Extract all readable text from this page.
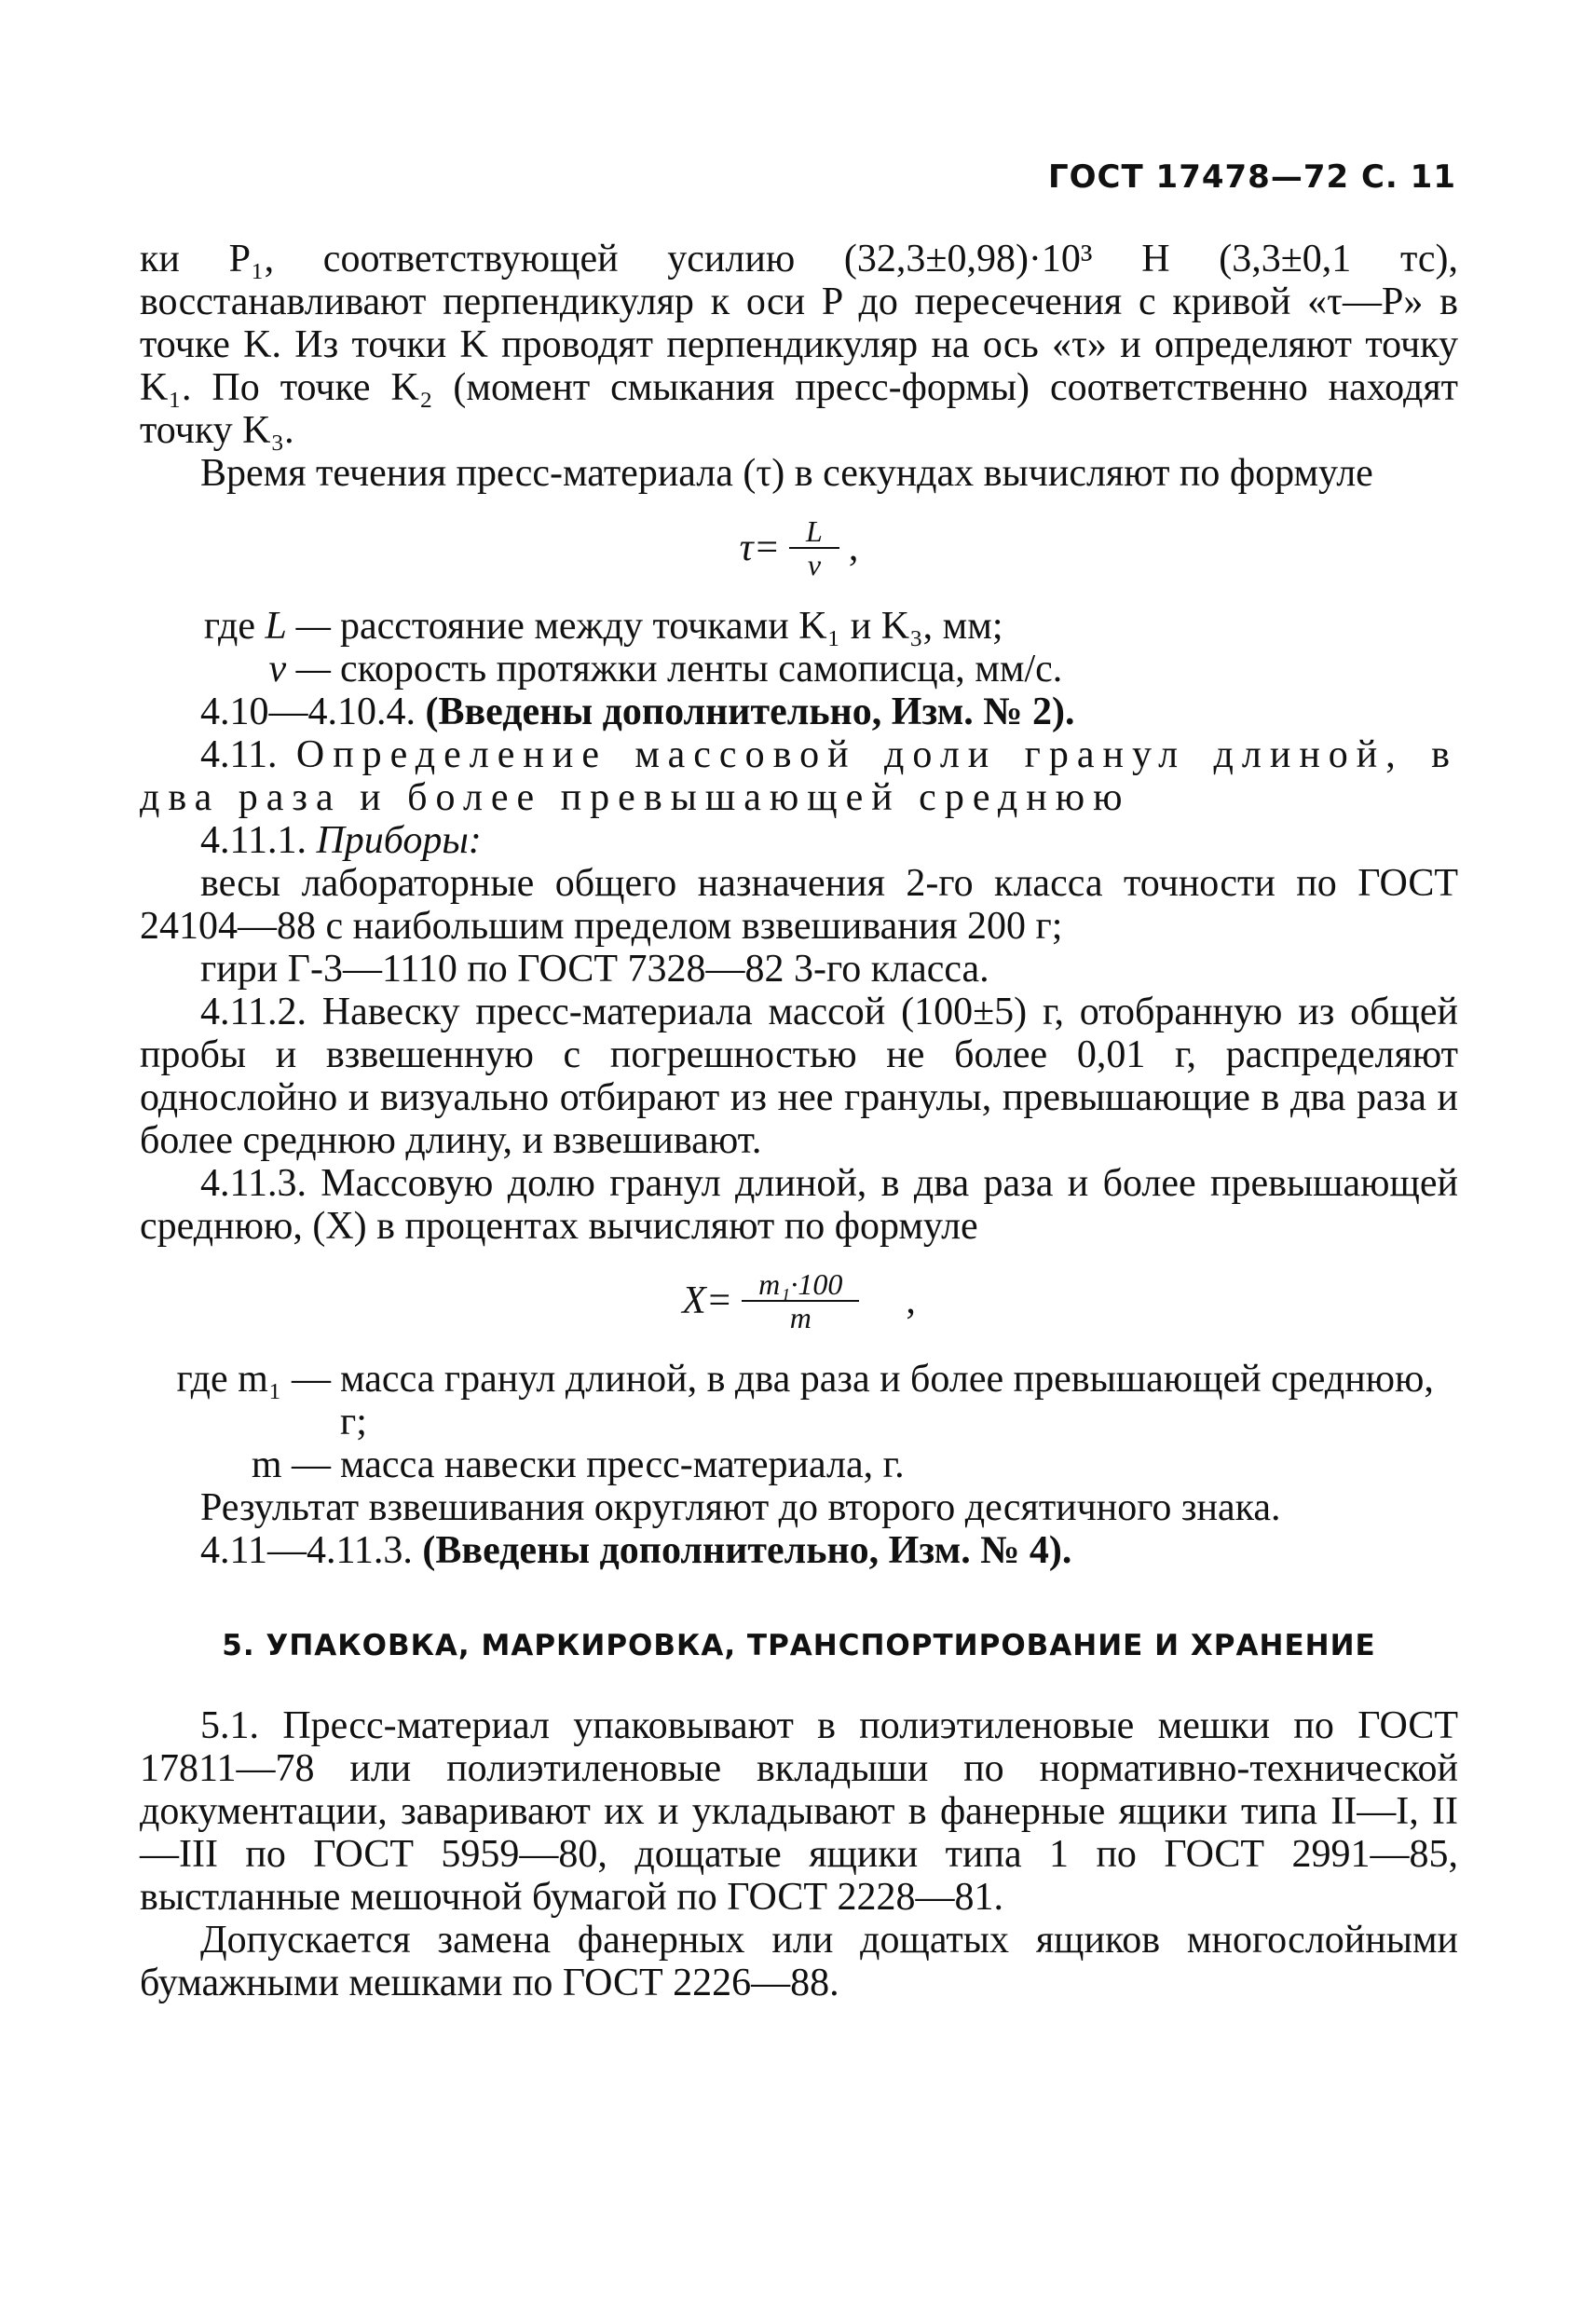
ГОСТ 17478—72 С. 11

ки P₁, соответствующей усилию (32,3±0,98)·10³ Н (3,3±0,1 тс), восстанавливают перпендикуляр к оси P до пересечения с кривой «τ—P» в точке K. Из точки K проводят перпендикуляр на ось «τ» и определяют точку K₁. По точке K₂ (момент смыкания пресс-формы) соответственно находят точку K₃.

Время течения пресс-материала (τ) в секундах вычисляют по формуле

$\tau= \frac{L}{v}$ ,
где L — расстояние между точками K₁ и K₃, мм;
v — скорость протяжки ленты самописца, мм/с.

4.10—4.10.4. (Введены дополнительно, Изм. № 2).

4.11. Определение массовой доли гранул длиной, в два раза и более превышающей среднюю

4.11.1. Приборы:

весы лабораторные общего назначения 2-го класса точности по ГОСТ 24104—88 с наибольшим пределом взвешивания 200 г;

гири Г-3—1110 по ГОСТ 7328—82 3-го класса.

4.11.2. Навеску пресс-материала массой (100±5) г, отобранную из общей пробы и взвешенную с погрешностью не более 0,01 г, распределяют однослойно и визуально отбирают из нее гранулы, превышающие в два раза и более среднюю длину, и взвешивают.

4.11.3. Массовую долю гранул длиной, в два раза и более превышающей среднюю, (X) в процентах вычисляют по формуле

$X= \frac{\text{m₁·100}}{m}$ ,
где m₁ — масса гранул длиной, в два раза и более превышающей среднюю, г;
m — масса навески пресс-материала, г.

Результат взвешивания округляют до второго десятичного знака.

4.11—4.11.3. (Введены дополнительно, Изм. № 4).

5. УПАКОВКА, МАРКИРОВКА, ТРАНСПОРТИРОВАНИЕ И ХРАНЕНИЕ

5.1. Пресс-материал упаковывают в полиэтиленовые мешки по ГОСТ 17811—78 или полиэтиленовые вкладыши по нормативно-технической документации, заваривают их и укладывают в фанерные ящики типа II—I, II—III по ГОСТ 5959—80, дощатые ящики типа 1 по ГОСТ 2991—85, выстланные мешочной бумагой по ГОСТ 2228—81.

Допускается замена фанерных или дощатых ящиков многослойными бумажными мешками по ГОСТ 2226—88.
